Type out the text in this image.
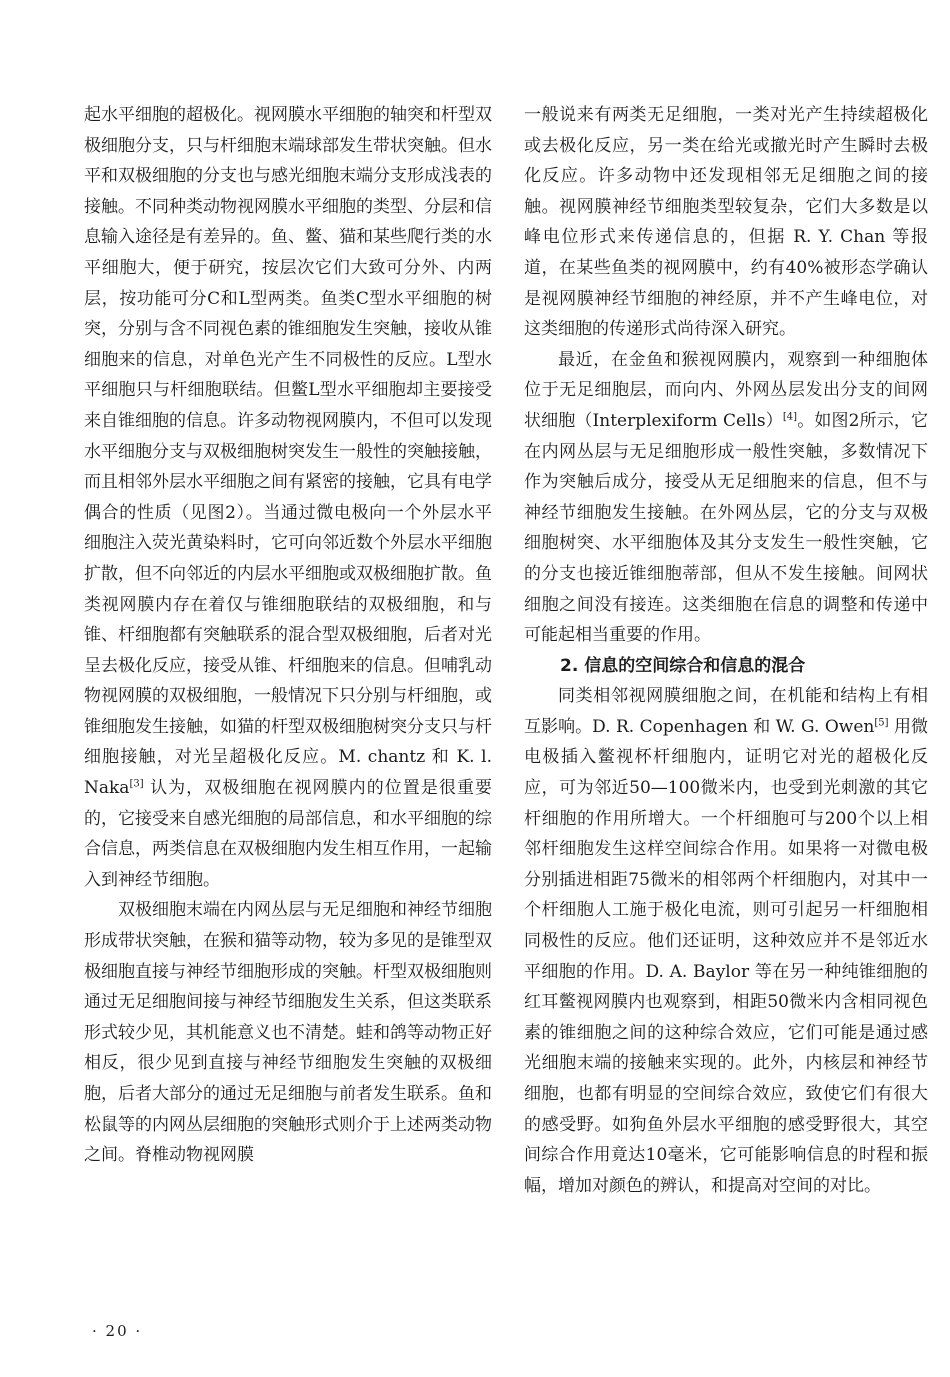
起水平细胞的超极化。视网膜水平细胞的轴突和杆型双极细胞分支，只与杆细胞末端球部发生带状突触。但水平和双极细胞的分支也与感光细胞末端分支形成浅表的接触。不同种类动物视网膜水平细胞的类型、分层和信息输入途径是有差异的。鱼、鳖、猫和某些爬行类的水平细胞大，便于研究，按层次它们大致可分外、内两层，按功能可分C和L型两类。鱼类C型水平细胞的树突，分别与含不同视色素的锥细胞发生突触，接收从锥细胞来的信息，对单色光产生不同极性的反应。L型水平细胞只与杆细胞联结。但鳖L型水平细胞却主要接受来自锥细胞的信息。许多动物视网膜内，不但可以发现水平细胞分支与双极细胞树突发生一般性的突触接触，而且相邻外层水平细胞之间有紧密的接触，它具有电学偶合的性质（见图2）。当通过微电极向一个外层水平细胞注入荧光黄染料时，它可向邻近数个外层水平细胞扩散，但不向邻近的内层水平细胞或双极细胞扩散。鱼类视网膜内存在着仅与锥细胞联结的双极细胞，和与锥、杆细胞都有突触联系的混合型双极细胞，后者对光呈去极化反应，接受从锥、杆细胞来的信息。但哺乳动物视网膜的双极细胞，一般情况下只分别与杆细胞，或锥细胞发生接触，如猫的杆型双极细胞树突分支只与杆细胞接触，对光呈超极化反应。M. chantz 和 K. l. Naka[3] 认为，双极细胞在视网膜内的位置是很重要的，它接受来自感光细胞的局部信息，和水平细胞的综合信息，两类信息在双极细胞内发生相互作用，一起输入到神经节细胞。

双极细胞末端在内网丛层与无足细胞和神经节细胞形成带状突触，在猴和猫等动物，较为多见的是锥型双极细胞直接与神经节细胞形成的突触。杆型双极细胞则通过无足细胞间接与神经节细胞发生关系，但这类联系形式较少见，其机能意义也不清楚。蛙和鸽等动物正好相反，很少见到直接与神经节细胞发生突触的双极细胞，后者大部分的通过无足细胞与前者发生联系。鱼和松鼠等的内网丛层细胞的突触形式则介于上述两类动物之间。脊椎动物视网膜

一般说来有两类无足细胞，一类对光产生持续超极化或去极化反应，另一类在给光或撤光时产生瞬时去极化反应。许多动物中还发现相邻无足细胞之间的接触。视网膜神经节细胞类型较复杂，它们大多数是以峰电位形式来传递信息的，但据 R. Y. Chan 等报道，在某些鱼类的视网膜中，约有40%被形态学确认是视网膜神经节细胞的神经原，并不产生峰电位，对这类细胞的传递形式尚待深入研究。

最近，在金鱼和猴视网膜内，观察到一种细胞体位于无足细胞层，而向内、外网丛层发出分支的间网状细胞（Interplexiform Cells）[4]。如图2所示，它在内网丛层与无足细胞形成一般性突触，多数情况下作为突触后成分，接受从无足细胞来的信息，但不与神经节细胞发生接触。在外网丛层，它的分支与双极细胞树突、水平细胞体及其分支发生一般性突触，它的分支也接近锥细胞蒂部，但从不发生接触。间网状细胞之间没有接连。这类细胞在信息的调整和传递中可能起相当重要的作用。

2. 信息的空间综合和信息的混合

同类相邻视网膜细胞之间，在机能和结构上有相互影响。D. R. Copenhagen 和 W. G. Owen[5] 用微电极插入鳖视杯杆细胞内，证明它对光的超极化反应，可为邻近50—100微米内，也受到光刺激的其它杆细胞的作用所增大。一个杆细胞可与200个以上相邻杆细胞发生这样空间综合作用。如果将一对微电极分别插进相距75微米的相邻两个杆细胞内，对其中一个杆细胞人工施于极化电流，则可引起另一杆细胞相同极性的反应。他们还证明，这种效应并不是邻近水平细胞的作用。D. A. Baylor 等在另一种纯锥细胞的红耳鳖视网膜内也观察到，相距50微米内含相同视色素的锥细胞之间的这种综合效应，它们可能是通过感光细胞末端的接触来实现的。此外，内核层和神经节细胞，也都有明显的空间综合效应，致使它们有很大的感受野。如狗鱼外层水平细胞的感受野很大，其空间综合作用竟达10毫米，它可能影响信息的时程和振幅，增加对颜色的辨认，和提高对空间的对比。

· 20 ·
